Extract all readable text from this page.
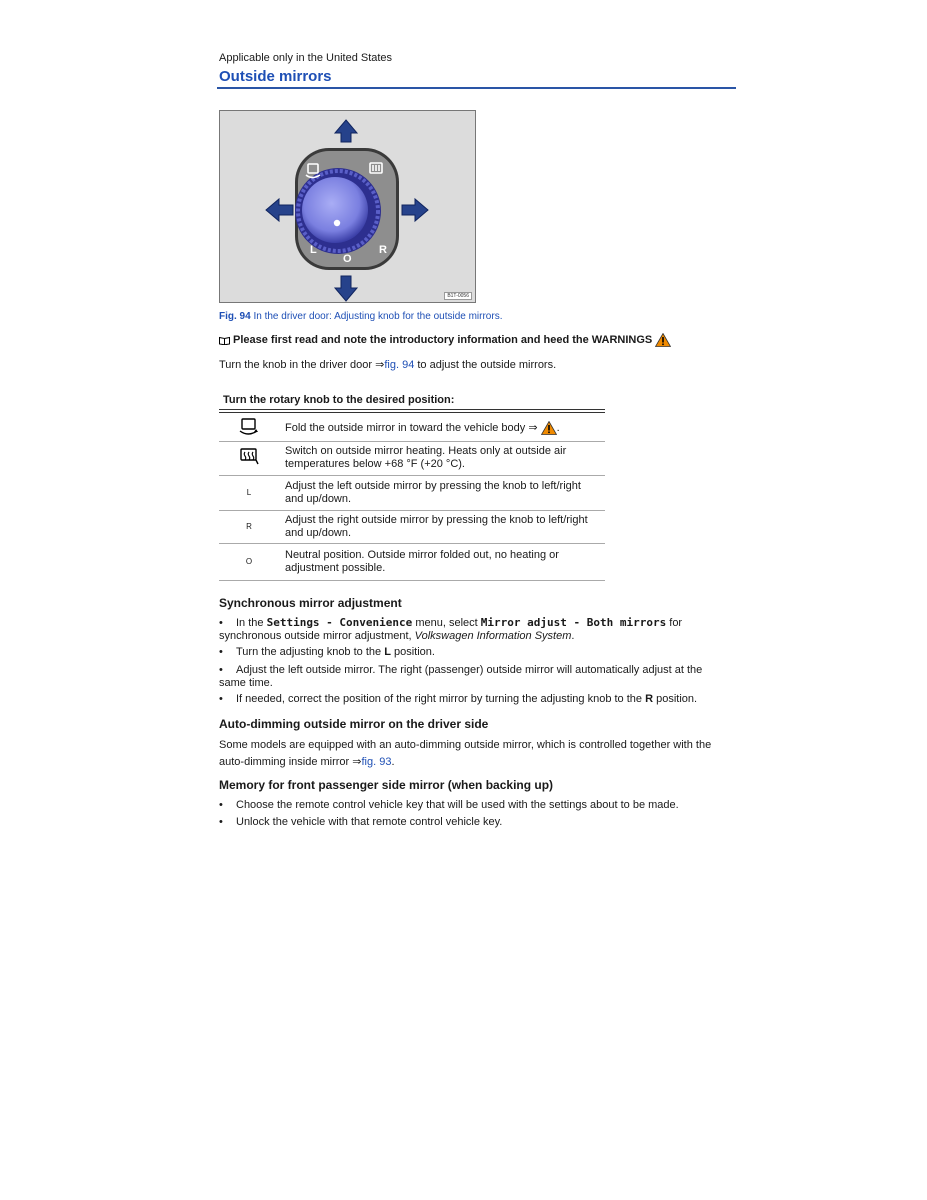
Applicable only in the United States
Outside mirrors
L
O
R
B1T-0056
Fig. 94 In the driver door: Adjusting knob for the outside mirrors.
Please first read and note the introductory information and heed the WARNINGS
Turn the knob in the driver door ⇒fig. 94 to adjust the outside mirrors.
Turn the rotary knob to the desired position:
	Fold the outside mirror in toward the vehicle body ⇒ .
	Switch on outside mirror heating. Heats only at outside air temperatures below +68 °F (+20 °C).
L	Adjust the left outside mirror by pressing the knob to left/right and up/down.
R	Adjust the right outside mirror by pressing the knob to left/right and up/down.
O	Neutral position. Outside mirror folded out, no heating or adjustment possible.
Synchronous mirror adjustment
• In the Settings - Convenience menu, select Mirror adjust - Both mirrors for
synchronous outside mirror adjustment, Volkswagen Information System.
• Turn the adjusting knob to the L position.
• Adjust the left outside mirror. The right (passenger) outside mirror will automatically adjust at the
same time.
• If needed, correct the position of the right mirror by turning the adjusting knob to the R position.
Auto-dimming outside mirror on the driver side
Some models are equipped with an auto-dimming outside mirror, which is controlled together with the
auto-dimming inside mirror ⇒fig. 93.
Memory for front passenger side mirror (when backing up)
• Choose the remote control vehicle key that will be used with the settings about to be made.
• Unlock the vehicle with that remote control vehicle key.
